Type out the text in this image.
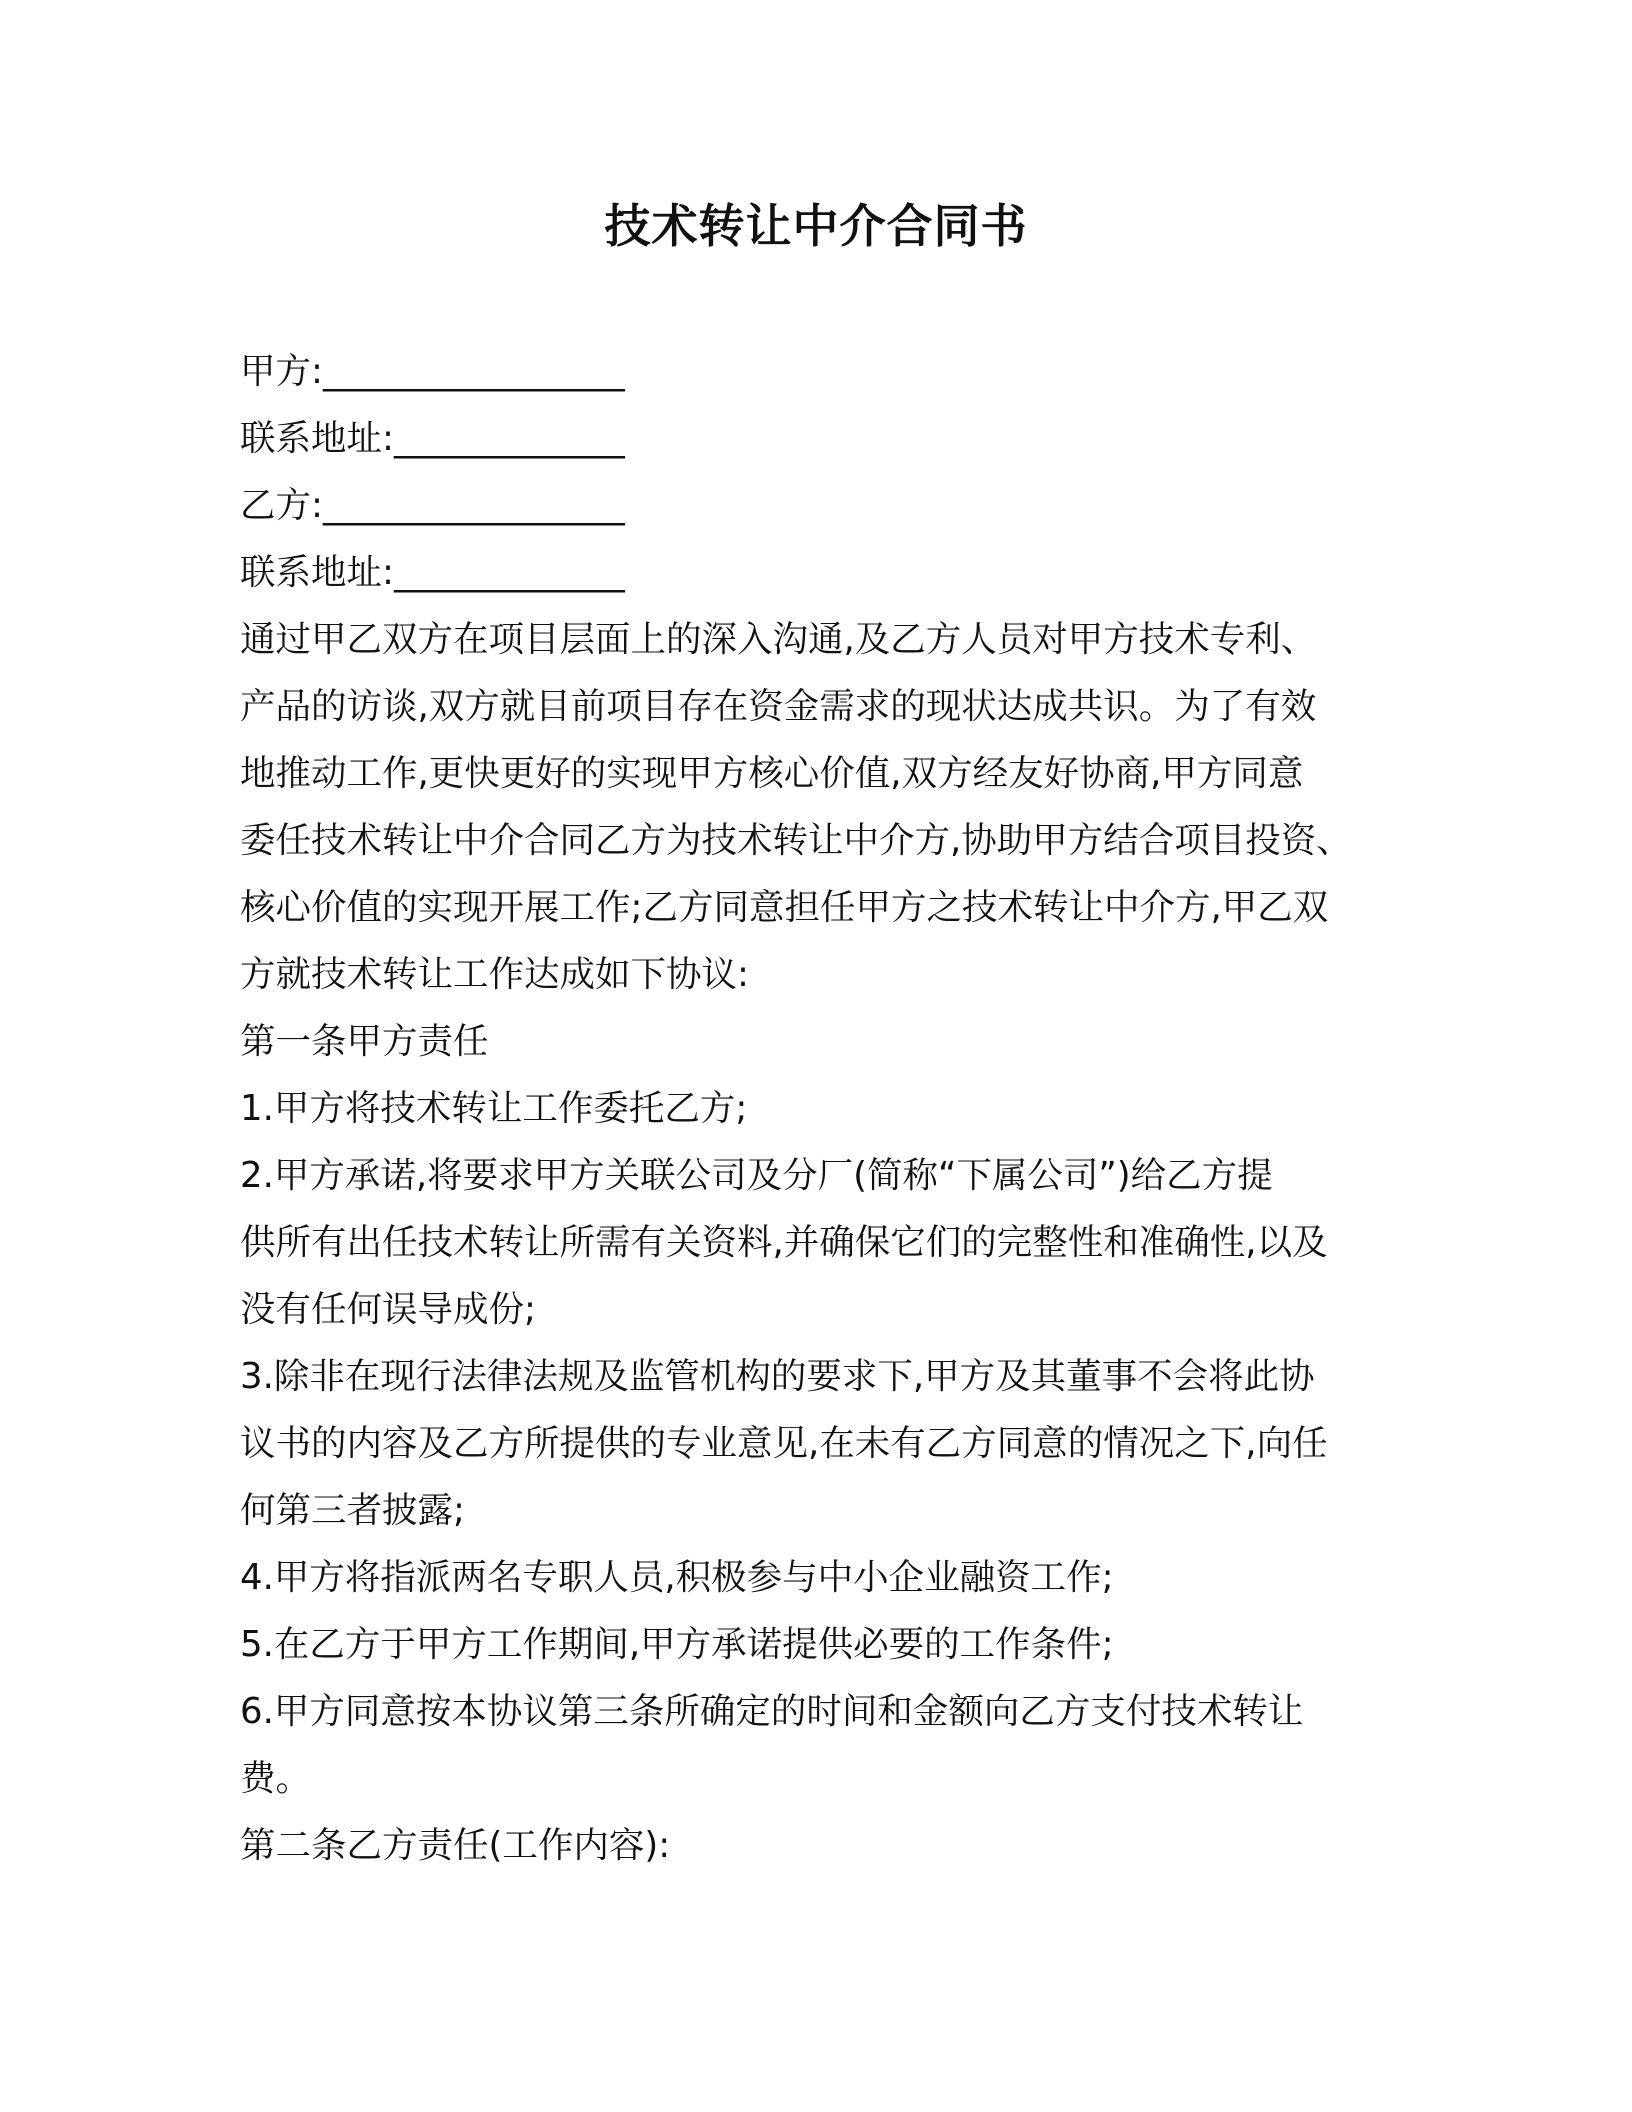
技术转让中介合同书
甲方:_________________
联系地址:_____________
乙方:_________________
联系地址:_____________
通过甲乙双方在项目层面上的深入沟通,及乙方人员对甲方技术专利、
产品的访谈,双方就目前项目存在资金需求的现状达成共识。为了有效
地推动工作,更快更好的实现甲方核心价值,双方经友好协商,甲方同意
委任技术转让中介合同乙方为技术转让中介方,协助甲方结合项目投资、
核心价值的实现开展工作;乙方同意担任甲方之技术转让中介方,甲乙双
方就技术转让工作达成如下协议:
第一条甲方责任
1.甲方将技术转让工作委托乙方;
2.甲方承诺,将要求甲方关联公司及分厂(简称“下属公司”)给乙方提
供所有出任技术转让所需有关资料,并确保它们的完整性和准确性,以及
没有任何误导成份;
3.除非在现行法律法规及监管机构的要求下,甲方及其董事不会将此协
议书的内容及乙方所提供的专业意见,在未有乙方同意的情况之下,向任
何第三者披露;
4.甲方将指派两名专职人员,积极参与中小企业融资工作;
5.在乙方于甲方工作期间,甲方承诺提供必要的工作条件;
6.甲方同意按本协议第三条所确定的时间和金额向乙方支付技术转让
费。
第二条乙方责任(工作内容):
